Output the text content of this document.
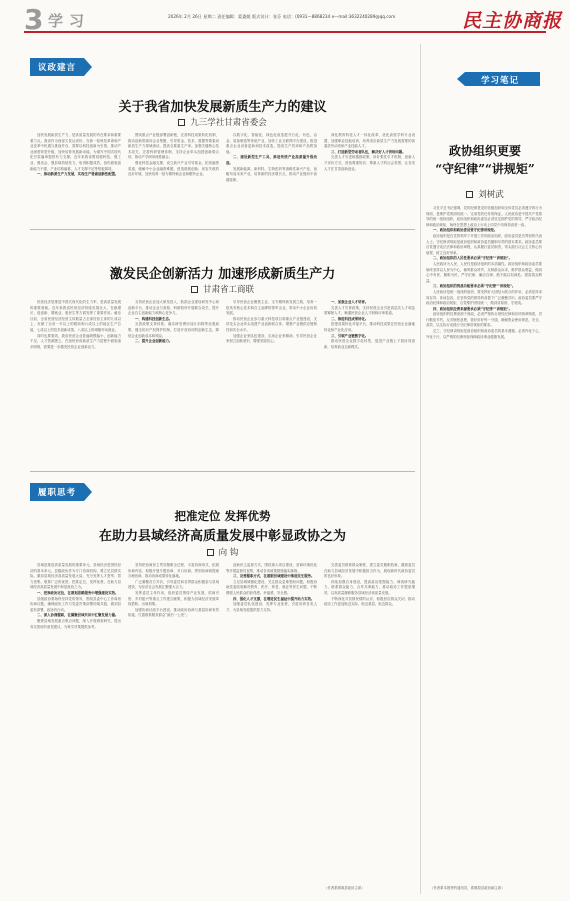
3 学习	2026年 2月 26日 星期二 责任编辑：蒙惠媛 版式设计：张芬 电话：(0931—8868234 e—mail:3632240289@qq.com	民主协商报
议政建言
关于我省加快发展新质生产力的建议
九三学社甘肃省委会

加快发展新质生产力，是高质量发展的内在要求和重要着力点。我省作为西部欠发达省份，在新一轮科技革命和产业变革中机遇与挑战并存，需要以科技创新为引领，推动产业深度转型升级，加快培育发展新动能，为谱写中国式现代化甘肃篇章提供有力支撑。近年来我省围绕强科技、强工业、强省会、强县域持续发力，取得积极成效，但仍面临创新能力不强、产业结构偏重、人才支撑不足等短板弱项。

一、推动新质生产力发展，实现生产要素创新性配置。

围绕重点产业链部署创新链，完善科技成果转化机制，推动创新资源向企业集聚，引导资金、技术、数据等要素向新质生产力领域流动，提高全要素生产率。加强关键核心技术攻关，完善科研管理体制，支持企业牵头组建创新联合体，推动产学研用深度融合。

强化科技金融支撑，设立新兴产业引导基金，拓宽融资渠道，破解中小企业融资难题，营造鼓励创新、宽容失败的良好环境，加快培育一批专精特新企业和瞪羚企业。

以数字化、智能化、绿色化改造提升石化、有色、冶金、装备制造等传统产业，加快工业互联网平台建设，推进重点企业设备更新和技术改造，提高生产效率和产品附加值。

二、建设新型生产工具，推进传统产业高质量升级改造。

发展新能源、新材料、生物医药等战略性新兴产业，前瞻布局未来产业，培育新的经济增长点，推动产业链向中高端延伸。

深化教育科技人才一体化改革，优化高校学科专业设置，加强职业技能培训，培养适应新质生产力发展需要的高素质劳动者和产业技能人才。

三、打造新型劳动者队伍，解决好人才供给问题。

完善人才引进和激励政策，用好柔性引才机制，创新人才评价方式，营造尊重知识、尊重人才的社会氛围，让各类人才在甘肃创新创业。

激发民企创新活力 加速形成新质生产力
甘肃省工商联

民营经济是推进中国式现代化的生力军，是高质量发展的重要基础。近年来我省民营经济持续发展壮大，在稳增长、促创新、增就业、惠民生等方面发挥了重要作用。截至目前，全省民营经济经营主体数量占全部经营主体的九成以上，贡献了全省一半以上的税收和六成以上的地区生产总值，七成以上的技术创新成果，八成以上的城镇劳动就业。

同时也要看到，我省民营企业普遍规模偏小、创新能力不足、人才资源匮乏，在加快形成新质生产力进程中面临诸多困难，需要进一步激发民营企业创新活力。

支持民营企业加大研发投入，鼓励企业建设研发中心和创新平台，推动企业与高校、科研院所开展联合攻关，提升企业自主创新能力和核心竞争力。

一、构建科技创新生态。

完善政策支持体系，落实研发费用加计扣除等优惠政策，健全知识产权保护机制，打造开放协同的创新生态，降低企业创新成本和风险。

二、提升企业创新能力。

引导民营企业聚焦主业，走专精特新发展之路，培育一批具有核心技术和自主品牌的领军企业，带动中小企业协同发展。

推动民营企业参与重大科技项目和重点产业链建设，支持龙头企业牵头组建产业创新联合体，增强产业链供应链韧性和安全水平。

加强企业家队伍建设，弘扬企业家精神，引导民营企业家树立创新意识，增强发展信心。

一、加强企业人才培育。

完善人才引育政策，支持民营企业引进高层次人才和急需紧缺人才，畅通民营企业人才职称评审渠道。

二、推进科技成果转化。

搭建成果转化对接平台，推动科技成果在民营企业落地转化和产业化应用。

三、引领产业链数字化。

推动民营企业数字化转型，促进产业链上下游协同创新，培育新业态新模式。

履职思考
把准定位 发挥优势
在助力县域经济高质量发展中彰显政协之为
向 钩

县域是推进高质量发展的重要单元，县域经济是国民经济的基本单元。县级政协作为专门协商机构，要立足县情实际，紧扣县域经济高质量发展大局，充分发挥人才荟萃、智力密集、联系广泛的优势，把准定位、发挥优势，在助力县域经济高质量发展中彰显政协之为。

一、把准政协定位，在谋划思路服务中增强建设实效。

县级政协要始终坚持党的领导，围绕县委中心工作谋划协商议题，确保政协工作与党委决策部署同频共振，做到县委有部署、政协有行动。

二、深入协商履职，在凝聚县域共识中汇聚发展力量。

聚焦县域发展重点难点问题，深入开展调查研究，提出务实管用的意见建议，为科学决策提供参考。

坚持把协商民主贯穿履职全过程，丰富协商形式，拓展协商内容，积极开展专题协商、对口协商、界别协商和提案办理协商，推动协商成果转化落地。

广泛凝聚各方共识，引导委员和各界群众积极参与县域建设，为经济社会发展汇聚强大合力。

发挥委员主体作用，组织委员围绕产业发展、招商引资、乡村振兴等重点工作建言献策，积极为县域经济发展牵线搭桥、出谋划策。

加强协商议政平台建设，推动政协协商与基层协商有效衔接，打通联系服务群众“最后一公里”。

创新民主监督方式，围绕重大项目建设、营商环境优化等开展监督性视察，推动各项政策措施落实落细。

三、完善履职方式，在着眼县城建设中推进民生服务。

立足县城城镇化建设，关注群众急难愁盼问题，积极协助党委政府解决教育、医疗、养老、就业等民生问题，不断增强人民群众的获得感、幸福感、安全感。

四、强化人才支撑，在增进民生福祉中提升助力实效。

加强委员队伍建设，发挥专业优势，引进培养各类人才，为县域发展提供智力支持。

完善委员联系群众制度，建立委员履职档案，激励委员在助力县域经济发展中积极担当作为，展现新时代政协委员的良好形象。

持续加强自身建设，提高政治把握能力、调查研究能力、联系群众能力、合作共事能力，推动政协工作提质增效，以高质量履职服务县域经济高质量发展。

不断深化对县情民情的认识，积极回应群众关切，推动政协工作更加贴近实际、贴近基层、贴近群众。

（作者系渭源县政协主席）
学习笔记
政协组织更要
“守纪律”“讲规矩”
刘树武

习近平总书记强调，党的纪律是党的各级组织和全体党员必须遵守的行为规则，是维护党的团结统一、完成党的任务的保证。人民政协是中国共产党领导的统一战线组织，政协组织和政协委员必须坚定拥护党的领导，严守政治纪律和政治规矩，始终在思想上政治上行动上同党中央保持高度一致。

一、政协组织和政协委员要守纪律讲规矩。

政协组织是在党的领导下开展工作的政治组织，政协委员是各界别的代表人士。守纪律讲规矩是政协组织和政协委员履职尽责的基本要求。政协委员要自觉遵守宪法法律和政协章程，认真履行委员职责，带头践行社会主义核心价值观，树立良好形象。

二、政协组织的人民性要求必须“守纪律”“讲规矩”。

人民政协为人民，人民性是政协组织的本质属性。政协组织和政协委员要始终坚持以人民为中心，倾听群众呼声，反映群众诉求，维护群众利益，做到心中有民、履职为民，严守纪律、廉洁自律，绝不能以权谋私、损害群众利益。

三、政协组织的统战功能要求必须“守纪律”“讲规矩”。

人民政协是统一战线的组织，要发挥好大团结大联合的作用，必须坚持求同存异、体谅包容，在坚持党的领导的前提下广泛凝聚共识。政协委员要严守政治纪律和政治规矩，自觉维护团结统一，做到讲原则、守底线。

四、政协组织经费来源要求必须“守纪律”“讲规矩”。

政协组织的经费来源于财政，必须严格执行财经纪律和各项规章制度，厉行勤俭节约，反对铺张浪费，管好用好每一分钱，确保资金使用规范、安全、高效，以实际行动践行守纪律讲规矩的要求。

总之，守纪律讲规矩是政协组织和政协委员的基本遵循，必须内化于心、外化于行，以严明的纪律规矩保障政协事业健康发展。

（作者系本报特约通讯员，系镇原县政协副主席）
